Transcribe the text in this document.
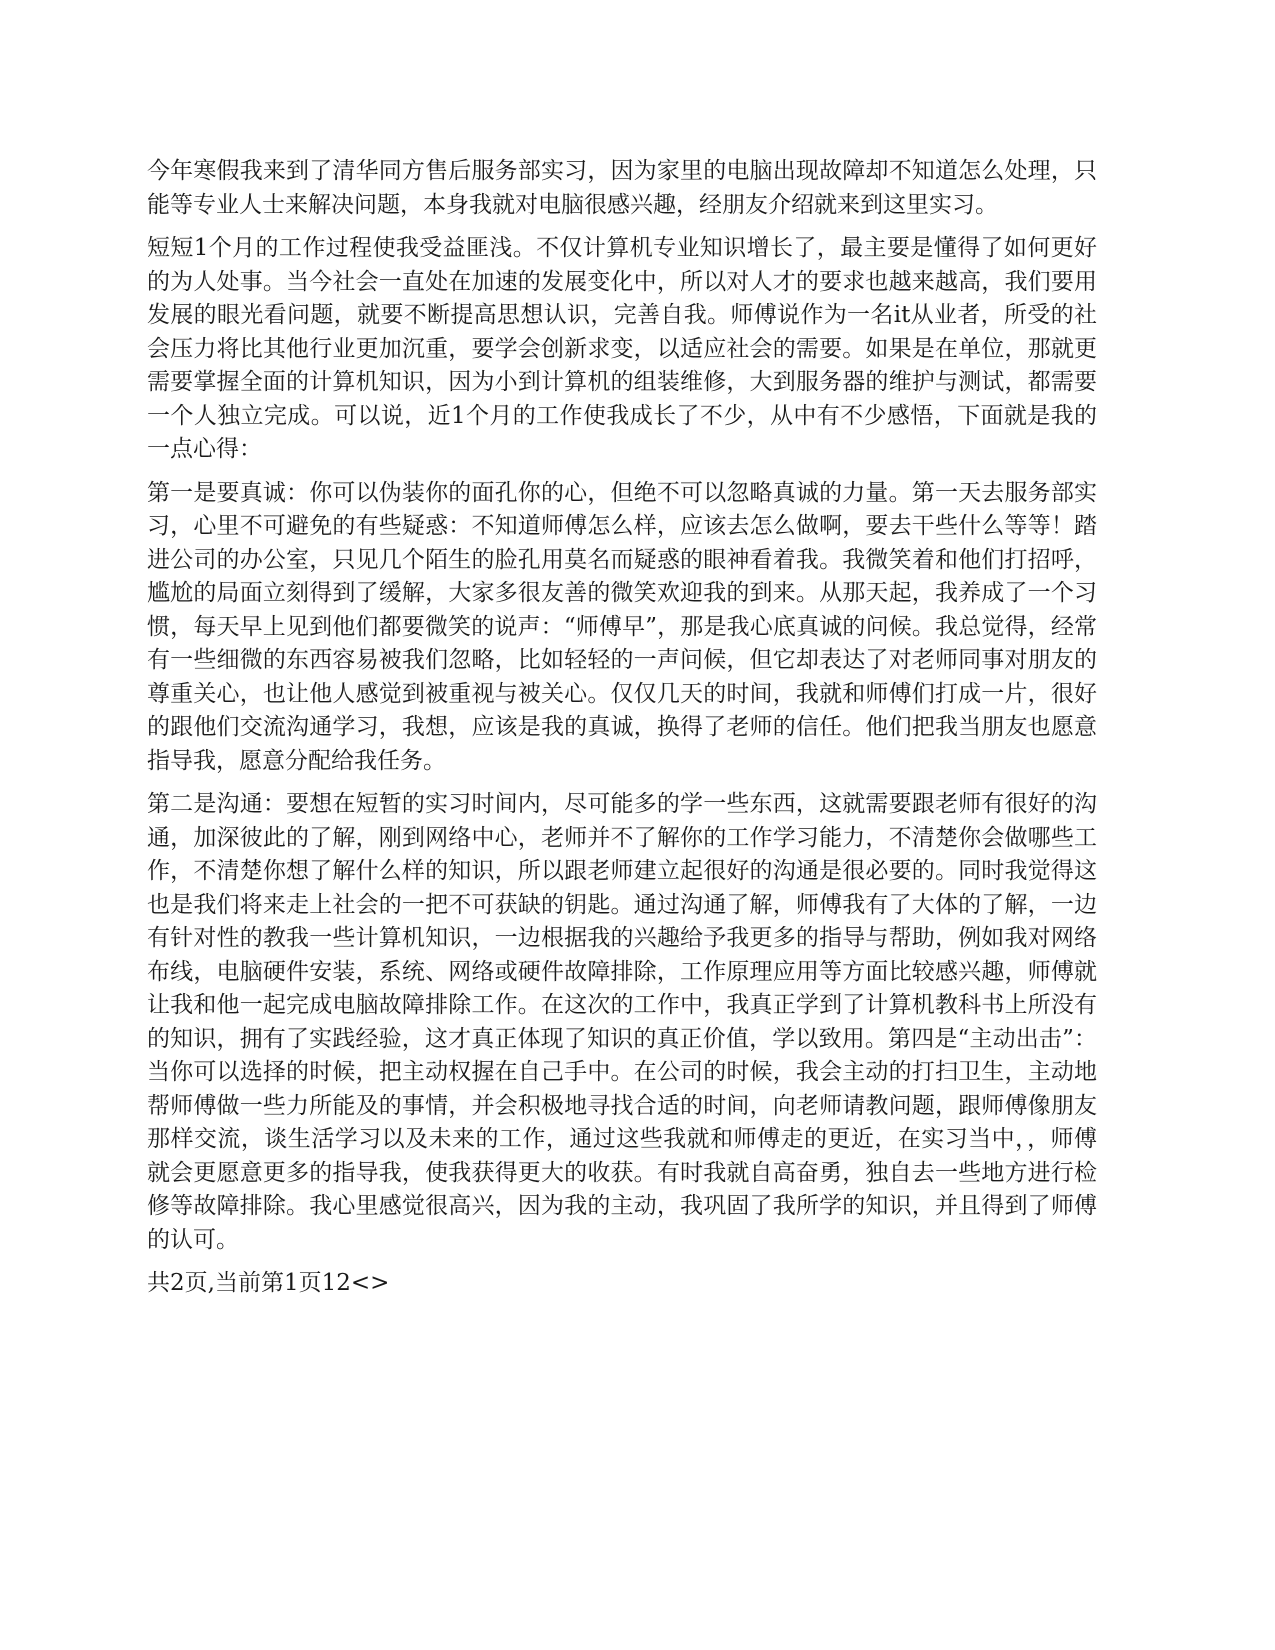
今年寒假我来到了清华同方售后服务部实习，因为家里的电脑出现故障却不知道怎么处理，只能等专业人士来解决问题，本身我就对电脑很感兴趣，经朋友介绍就来到这里实习。

短短1个月的工作过程使我受益匪浅。不仅计算机专业知识增长了，最主要是懂得了如何更好的为人处事。当今社会一直处在加速的发展变化中，所以对人才的要求也越来越高，我们要用发展的眼光看问题，就要不断提高思想认识，完善自我。师傅说作为一名it从业者，所受的社会压力将比其他行业更加沉重，要学会创新求变，以适应社会的需要。如果是在单位，那就更需要掌握全面的计算机知识，因为小到计算机的组装维修，大到服务器的维护与测试，都需要一个人独立完成。可以说，近1个月的工作使我成长了不少，从中有不少感悟，下面就是我的一点心得：

第一是要真诚：你可以伪装你的面孔你的心，但绝不可以忽略真诚的力量。第一天去服务部实习，心里不可避免的有些疑惑：不知道师傅怎么样，应该去怎么做啊，要去干些什么等等！踏进公司的办公室，只见几个陌生的脸孔用莫名而疑惑的眼神看着我。我微笑着和他们打招呼，尴尬的局面立刻得到了缓解，大家多很友善的微笑欢迎我的到来。从那天起，我养成了一个习惯，每天早上见到他们都要微笑的说声：“师傅早”，那是我心底真诚的问候。我总觉得，经常有一些细微的东西容易被我们忽略，比如轻轻的一声问候，但它却表达了对老师同事对朋友的尊重关心，也让他人感觉到被重视与被关心。仅仅几天的时间，我就和师傅们打成一片，很好的跟他们交流沟通学习，我想，应该是我的真诚，换得了老师的信任。他们把我当朋友也愿意指导我，愿意分配给我任务。

第二是沟通：要想在短暂的实习时间内，尽可能多的学一些东西，这就需要跟老师有很好的沟通，加深彼此的了解，刚到网络中心，老师并不了解你的工作学习能力，不清楚你会做哪些工作，不清楚你想了解什么样的知识，所以跟老师建立起很好的沟通是很必要的。同时我觉得这也是我们将来走上社会的一把不可获缺的钥匙。通过沟通了解，师傅我有了大体的了解，一边有针对性的教我一些计算机知识，一边根据我的兴趣给予我更多的指导与帮助，例如我对网络布线，电脑硬件安装，系统、网络或硬件故障排除，工作原理应用等方面比较感兴趣，师傅就让我和他一起完成电脑故障排除工作。在这次的工作中，我真正学到了计算机教科书上所没有的知识，拥有了实践经验，这才真正体现了知识的真正价值，学以致用。第四是“主动出击”：当你可以选择的时候，把主动权握在自己手中。在公司的时候，我会主动的打扫卫生，主动地帮师傅做一些力所能及的事情，并会积极地寻找合适的时间，向老师请教问题，跟师傅像朋友那样交流，谈生活学习以及未来的工作，通过这些我就和师傅走的更近，在实习当中，，师傅就会更愿意更多的指导我，使我获得更大的收获。有时我就自高奋勇，独自去一些地方进行检修等故障排除。我心里感觉很高兴，因为我的主动，我巩固了我所学的知识，并且得到了师傅的认可。

共2页,当前第1页12<>
